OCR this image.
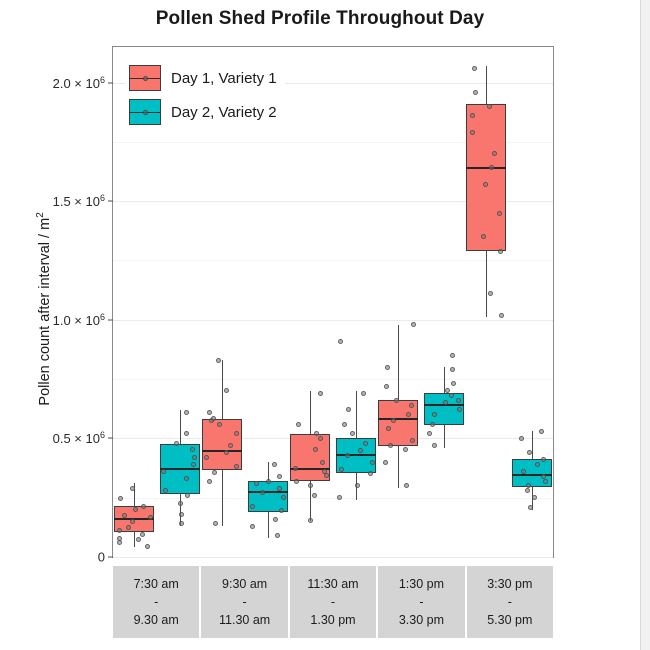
Pollen Shed Profile Throughout Day
Pollen count after interval / $m^2$
0
$0.5 \times 10^6$
$1.0 \times 10^6$
$1.5 \times 10^6$
$2.0 \times 10^6$	Day 1, Variety 1
Day 2, Variety 2
7:30 am
-
9.30 am
9:30 am
-
11.30 am
11:30 am
-
1.30 pm
1:30 pm
-
3.30 pm
3:30 pm
-
5.30 pm
